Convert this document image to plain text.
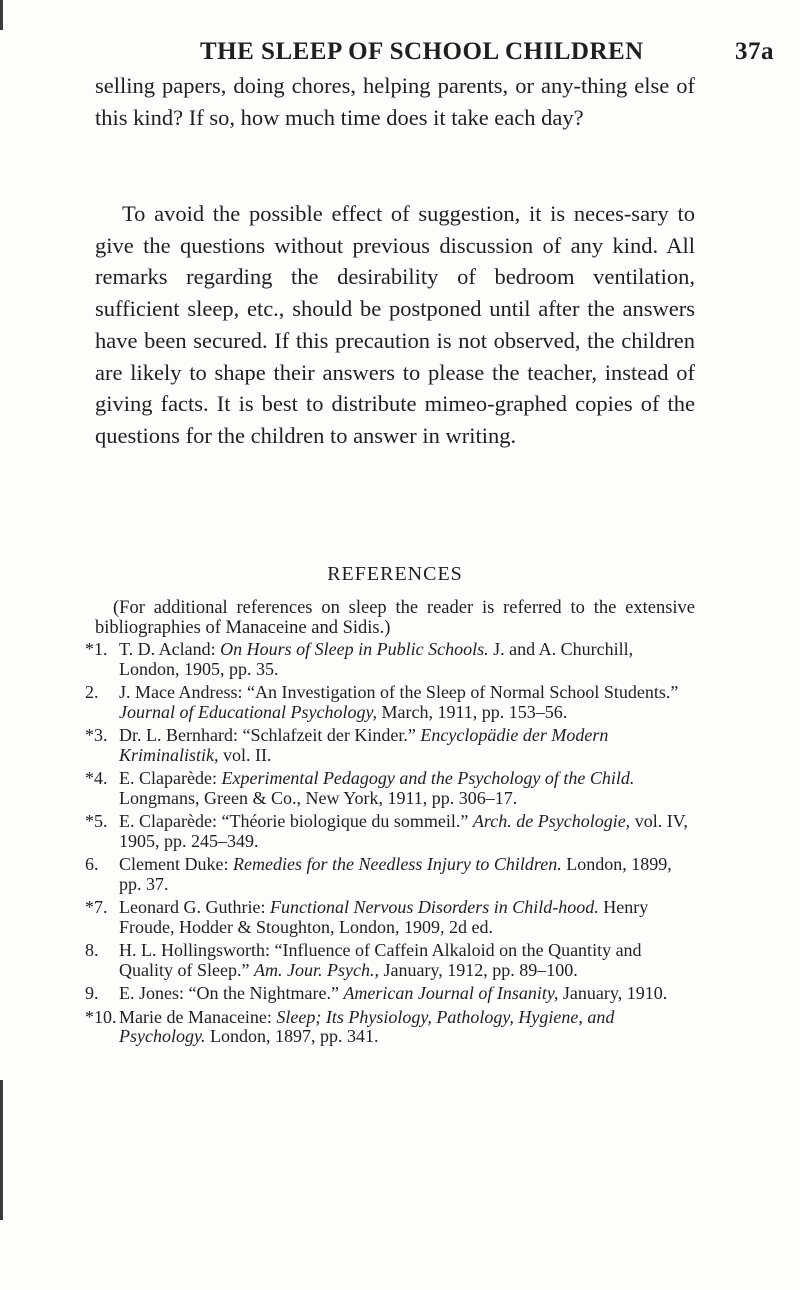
THE SLEEP OF SCHOOL CHILDREN	37a
selling papers, doing chores, helping parents, or any-thing else of this kind? If so, how much time does it take each day?
To avoid the possible effect of suggestion, it is neces-sary to give the questions without previous discussion of any kind. All remarks regarding the desirability of bedroom ventilation, sufficient sleep, etc., should be postponed until after the answers have been secured. If this precaution is not observed, the children are likely to shape their answers to please the teacher, instead of giving facts. It is best to distribute mimeo-graphed copies of the questions for the children to answer in writing.
REFERENCES
(For additional references on sleep the reader is referred to the extensive bibliographies of Manaceine and Sidis.)
*1. T. D. Acland: On Hours of Sleep in Public Schools. J. and A. Churchill, London, 1905, pp. 35.
2.	J. Mace Andress: “An Investigation of the Sleep of Normal School Students.” Journal of Educational Psychology, March, 1911, pp. 153–56.
*3. Dr. L. Bernhard: “Schlafzeit der Kinder.” Encyclopädie der Modern Kriminalistik, vol. II.
*4. E. Claparède: Experimental Pedagogy and the Psychology of the Child. Longmans, Green & Co., New York, 1911, pp. 306–17.
*5. E. Claparède: “Théorie biologique du sommeil.” Arch. de Psychologie, vol. IV, 1905, pp. 245–349.
6.	Clement Duke: Remedies for the Needless Injury to Children. London, 1899, pp. 37.
*7. Leonard G. Guthrie: Functional Nervous Disorders in Child-hood. Henry Froude, Hodder & Stoughton, London, 1909, 2d ed.
8.	H. L. Hollingsworth: “Influence of Caffein Alkaloid on the Quantity and Quality of Sleep.” Am. Jour. Psych., January, 1912, pp. 89–100.
9.	E. Jones: “On the Nightmare.” American Journal of Insanity, January, 1910.
*10. Marie de Manaceine: Sleep; Its Physiology, Pathology, Hygiene, and Psychology. London, 1897, pp. 341.
